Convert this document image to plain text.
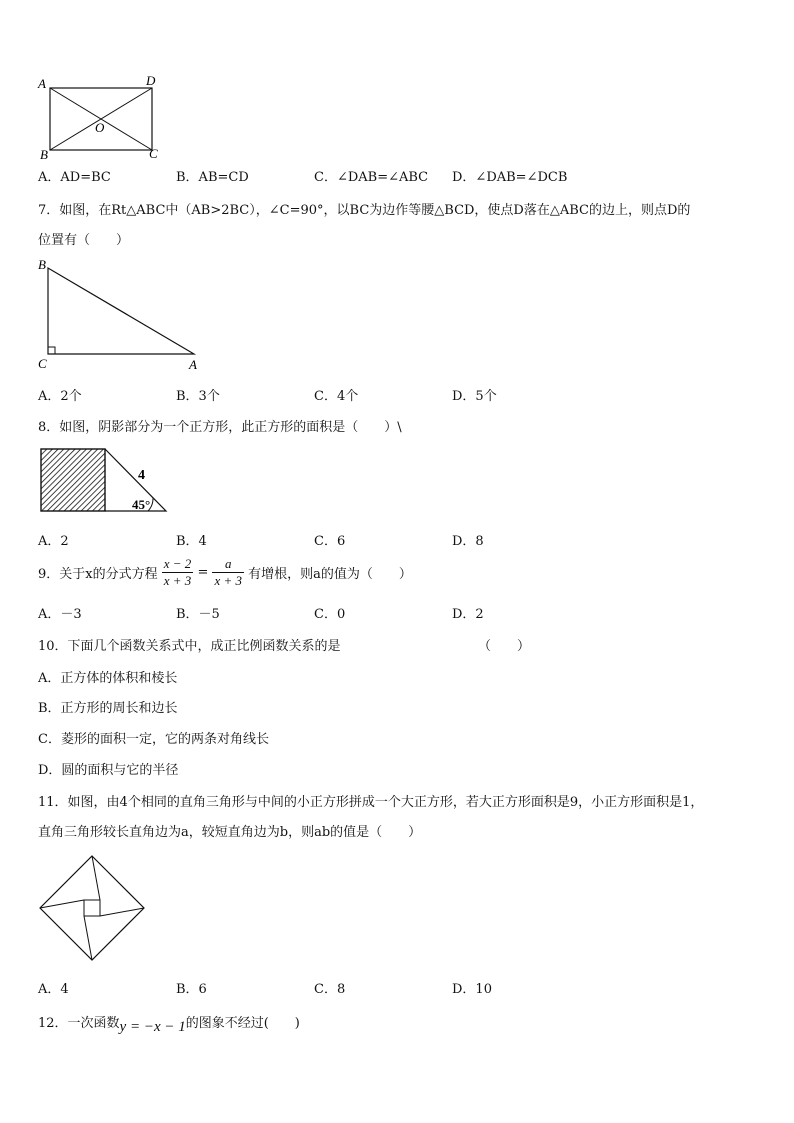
A	D
B	C
O
A．AD=BC	B．AB=CD	C．∠DAB=∠ABC D．∠DAB=∠DCB
7．如图，在Rt△ABC中（AB>2BC），∠C=90°，以BC为边作等腰△BCD，使点D落在△ABC的边上，则点D的
位置有（　　）
B
C	A
A．2个	B．3个	C．4个	D．5个
8．如图，阴影部分为一个正方形，此正方形的面积是（　　）\
4
45°
A．2	B．4	C．6	D．8
9．关于x的分式方程 $\frac{x - 2}{x + 3} = \frac{a}{x + 3}$ 有增根，则a的值为（　　）
A．－3	B．－5	C．0	D．2
10．下面几个函数关系式中，成正比例函数关系的是	（　　）
A．正方体的体积和棱长
B．正方形的周长和边长
C．菱形的面积一定，它的两条对角线长
D．圆的面积与它的半径
11．如图，由4个相同的直角三角形与中间的小正方形拼成一个大正方形，若大正方形面积是9，小正方形面积是1，
直角三角形较长直角边为a，较短直角边为b，则ab的值是（　　）
A．4	B．6	C．8	D．10
12．一次函数y = −x − 1的图象不经过(　　)
